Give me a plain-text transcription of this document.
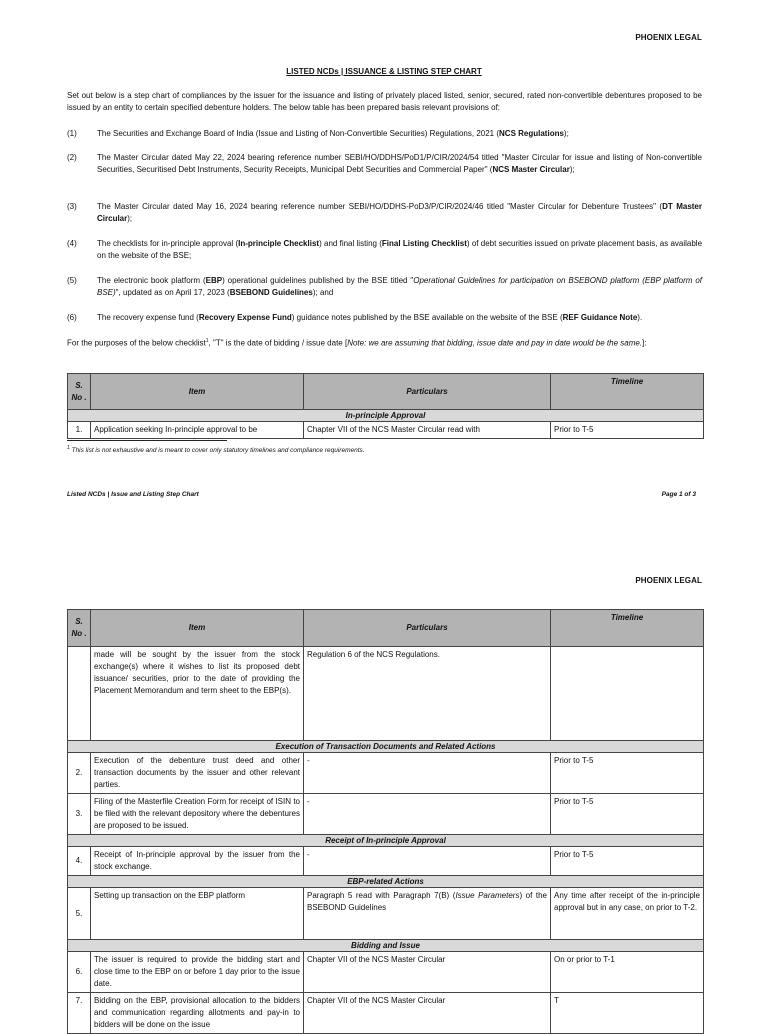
PHOENIX LEGAL
LISTED NCDs | ISSUANCE & LISTING STEP CHART
Set out below is a step chart of compliances by the issuer for the issuance and listing of privately placed listed, senior, secured, rated non-convertible debentures proposed to be issued by an entity to certain specified debenture holders. The below table has been prepared basis relevant provisions of:
(1)	The Securities and Exchange Board of India (Issue and Listing of Non-Convertible Securities) Regulations, 2021 (NCS Regulations);
(2)	The Master Circular dated May 22, 2024 bearing reference number SEBI/HO/DDHS/PoD1/P/CIR/2024/54 titled "Master Circular for issue and listing of Non-convertible Securities, Securitised Debt Instruments, Security Receipts, Municipal Debt Securities and Commercial Paper" (NCS Master Circular);
(3)	The Master Circular dated May 16, 2024 bearing reference number SEBI/HO/DDHS-PoD3/P/CIR/2024/46 titled "Master Circular for Debenture Trustees" (DT Master Circular);
(4)	The checklists for in-principle approval (In-principle Checklist) and final listing (Final Listing Checklist) of debt securities issued on private placement basis, as available on the website of the BSE;
(5)	The electronic book platform (EBP) operational guidelines published by the BSE titled "Operational Guidelines for participation on BSEBOND platform (EBP platform of BSE)", updated as on April 17, 2023 (BSEBOND Guidelines); and
(6)	The recovery expense fund (Recovery Expense Fund) guidance notes published by the BSE available on the website of the BSE (REF Guidance Note).
For the purposes of the below checklist$^1$, "T" is the date of bidding / issue date [Note: we are assuming that bidding, issue date and pay in date would be the same.]:
S. No .	Item	Particulars	Timeline
In-principle Approval			
1.	Application seeking In-principle approval to be	Chapter VII of the NCS Master Circular read with	Prior to T-5
$^1$ This list is not exhaustive and is meant to cover only statutory timelines and compliance requirements.
Listed NCDs | Issue and Listing Step Chart	Page 1 of 3
PHOENIX LEGAL
S. No .	Item	Particulars	Timeline
	made will be sought by the issuer from the stock exchange(s) where it wishes to list its proposed debt issuance/ securities, prior to the date of providing the Placement Memorandum and term sheet to the EBP(s).	Regulation 6 of the NCS Regulations.	
Execution of Transaction Documents and Related Actions			
2.	Execution of the debenture trust deed and other transaction documents by the issuer and other relevant parties.	-	Prior to T-5
3.	Filing of the Masterfile Creation Form for receipt of ISIN to be filed with the relevant depository where the debentures are proposed to be issued.	-	Prior to T-5
Receipt of In-principle Approval			
4.	Receipt of In-principle approval by the issuer from the stock exchange.	-	Prior to T-5
EBP-related Actions			
5.	Setting up transaction on the EBP platform	Paragraph 5 read with Paragraph 7(B) (Issue Parameters) of the BSEBOND Guidelines	Any time after receipt of the in-principle approval but in any case, on prior to T-2.
Bidding and Issue			
6.	The issuer is required to provide the bidding start and close time to the EBP on or before 1 day prior to the issue date.	Chapter VII of the NCS Master Circular	On or prior to T-1
7.	Bidding on the EBP, provisional allocation to the bidders and communication regarding allotments and pay-in to bidders will be done on the issue	Chapter VII of the NCS Master Circular	T
